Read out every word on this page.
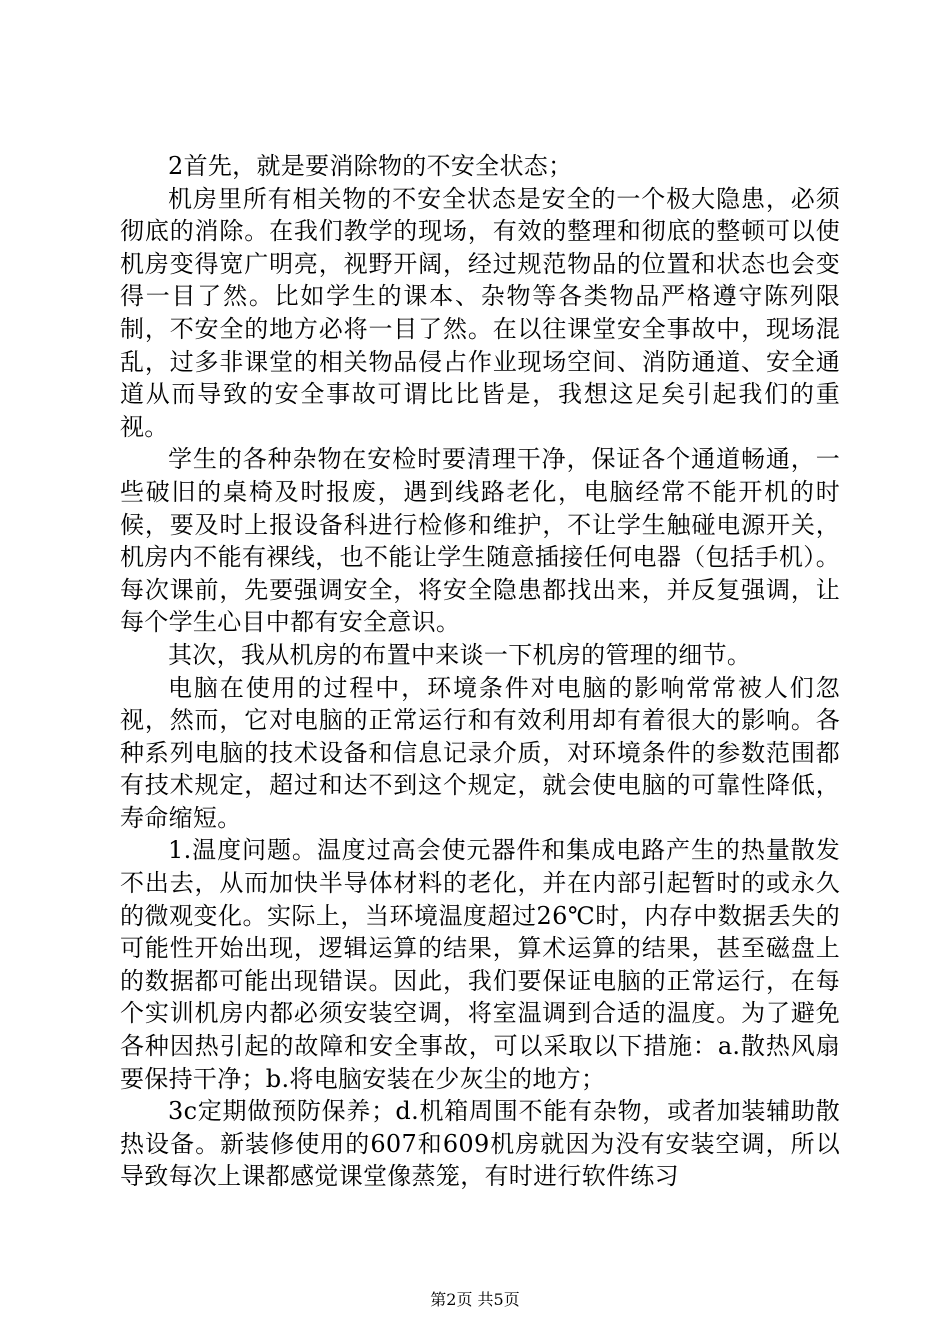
2首先，就是要消除物的不安全状态；

机房里所有相关物的不安全状态是安全的一个极大隐患，必须彻底的消除。在我们教学的现场，有效的整理和彻底的整顿可以使机房变得宽广明亮，视野开阔，经过规范物品的位置和状态也会变得一目了然。比如学生的课本、杂物等各类物品严格遵守陈列限制，不安全的地方必将一目了然。在以往课堂安全事故中，现场混乱，过多非课堂的相关物品侵占作业现场空间、消防通道、安全通道从而导致的安全事故可谓比比皆是，我想这足矣引起我们的重视。

学生的各种杂物在安检时要清理干净，保证各个通道畅通，一些破旧的桌椅及时报废，遇到线路老化，电脑经常不能开机的时候，要及时上报设备科进行检修和维护，不让学生触碰电源开关，机房内不能有裸线，也不能让学生随意插接任何电器（包括手机）。每次课前，先要强调安全，将安全隐患都找出来，并反复强调，让每个学生心目中都有安全意识。

其次，我从机房的布置中来谈一下机房的管理的细节。

电脑在使用的过程中，环境条件对电脑的影响常常被人们忽视，然而，它对电脑的正常运行和有效利用却有着很大的影响。各种系列电脑的技术设备和信息记录介质，对环境条件的参数范围都有技术规定，超过和达不到这个规定，就会使电脑的可靠性降低，寿命缩短。

1.温度问题。温度过高会使元器件和集成电路产生的热量散发不出去，从而加快半导体材料的老化，并在内部引起暂时的或永久的微观变化。实际上，当环境温度超过26℃时，内存中数据丢失的可能性开始出现，逻辑运算的结果，算术运算的结果，甚至磁盘上的数据都可能出现错误。因此，我们要保证电脑的正常运行，在每个实训机房内都必须安装空调，将室温调到合适的温度。为了避免各种因热引起的故障和安全事故，可以采取以下措施：a.散热风扇要保持干净；b.将电脑安装在少灰尘的地方；

3c定期做预防保养；d.机箱周围不能有杂物，或者加装辅助散热设备。新装修使用的607和609机房就因为没有安装空调，所以导致每次上课都感觉课堂像蒸笼，有时进行软件练习

第2页 共5页
